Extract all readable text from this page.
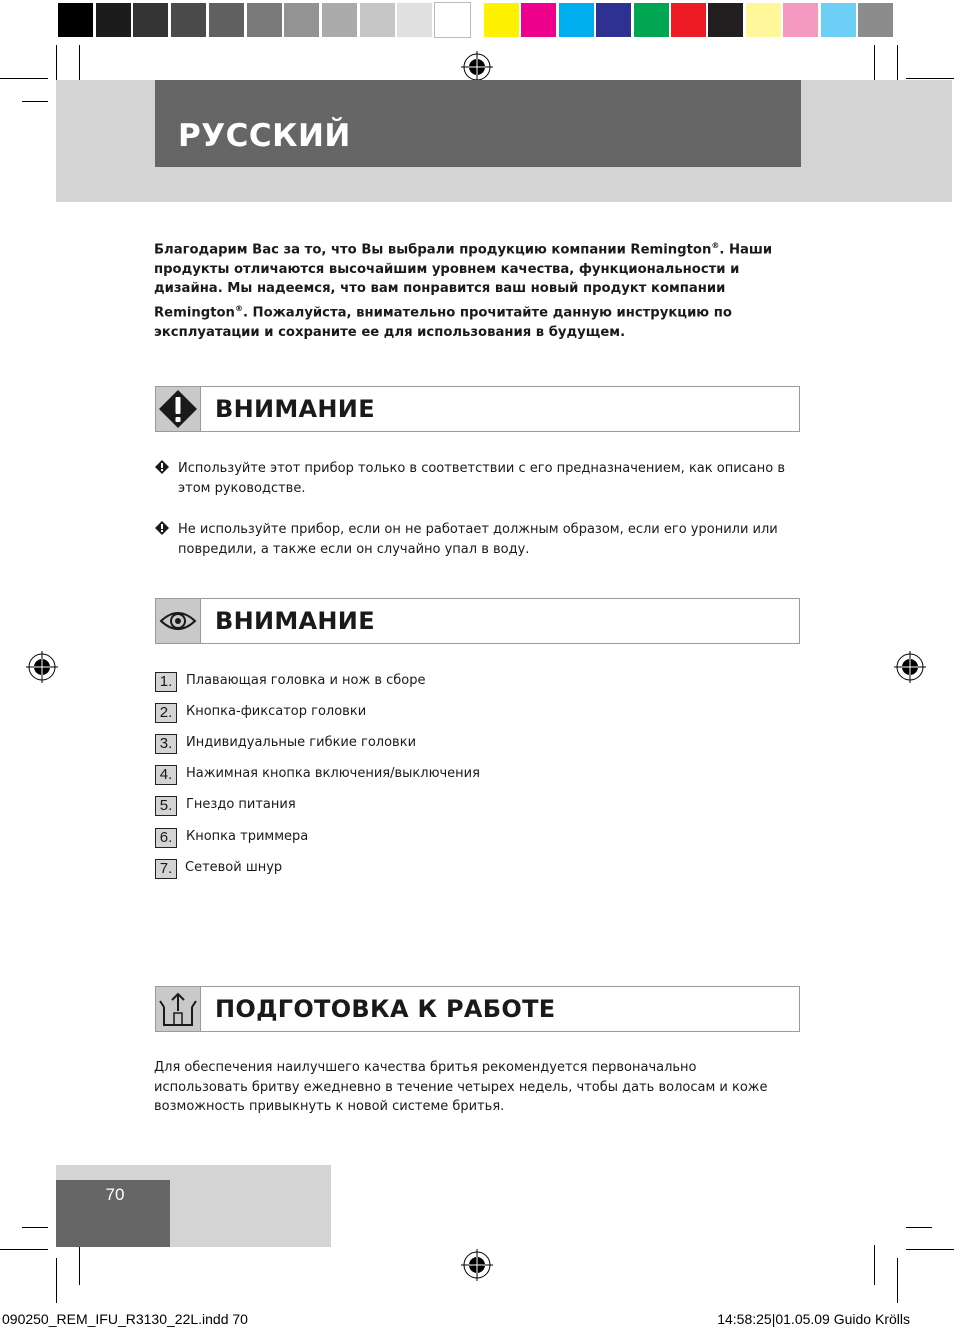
РУССКИЙ
Благодарим Вас за то, что Вы выбрали продукцию компании Remington®. Наши продукты отличаются высочайшим уровнем качества, функциональности и дизайна. Мы надеемся, что вам понравится ваш новый продукт компании Remington®. Пожалуйста, внимательно прочитайте данную инструкцию по эксплуатации и сохраните ее для использования в будущем.
ВНИМАНИЕ
Используйте этот прибор только в соответствии с его предназначением, как описано в этом руководстве.
Не используйте прибор, если он не работает должным образом, если его уронили или повредили, а также если он случайно упал в воду.
ВНИМАНИЕ
1.	Плавающая головка и нож в сборе
2.	Кнопка-фиксатор головки
3.	Индивидуальные гибкие головки
4.	Нажимная кнопка включения/выключения
5.	Гнездо питания
6.	Кнопка триммера
7. Сетевой шнур
ПОДГОТОВКА К РАБОТЕ
Для обеспечения наилучшего качества бритья рекомендуется первоначально использовать бритву ежедневно в течение четырех недель, чтобы дать волосам и коже возможность привыкнуть к новой системе бритья.
70
090250_REM_IFU_R3130_22L.indd 70	14:58:25|01.05.09 Guido Krölls
